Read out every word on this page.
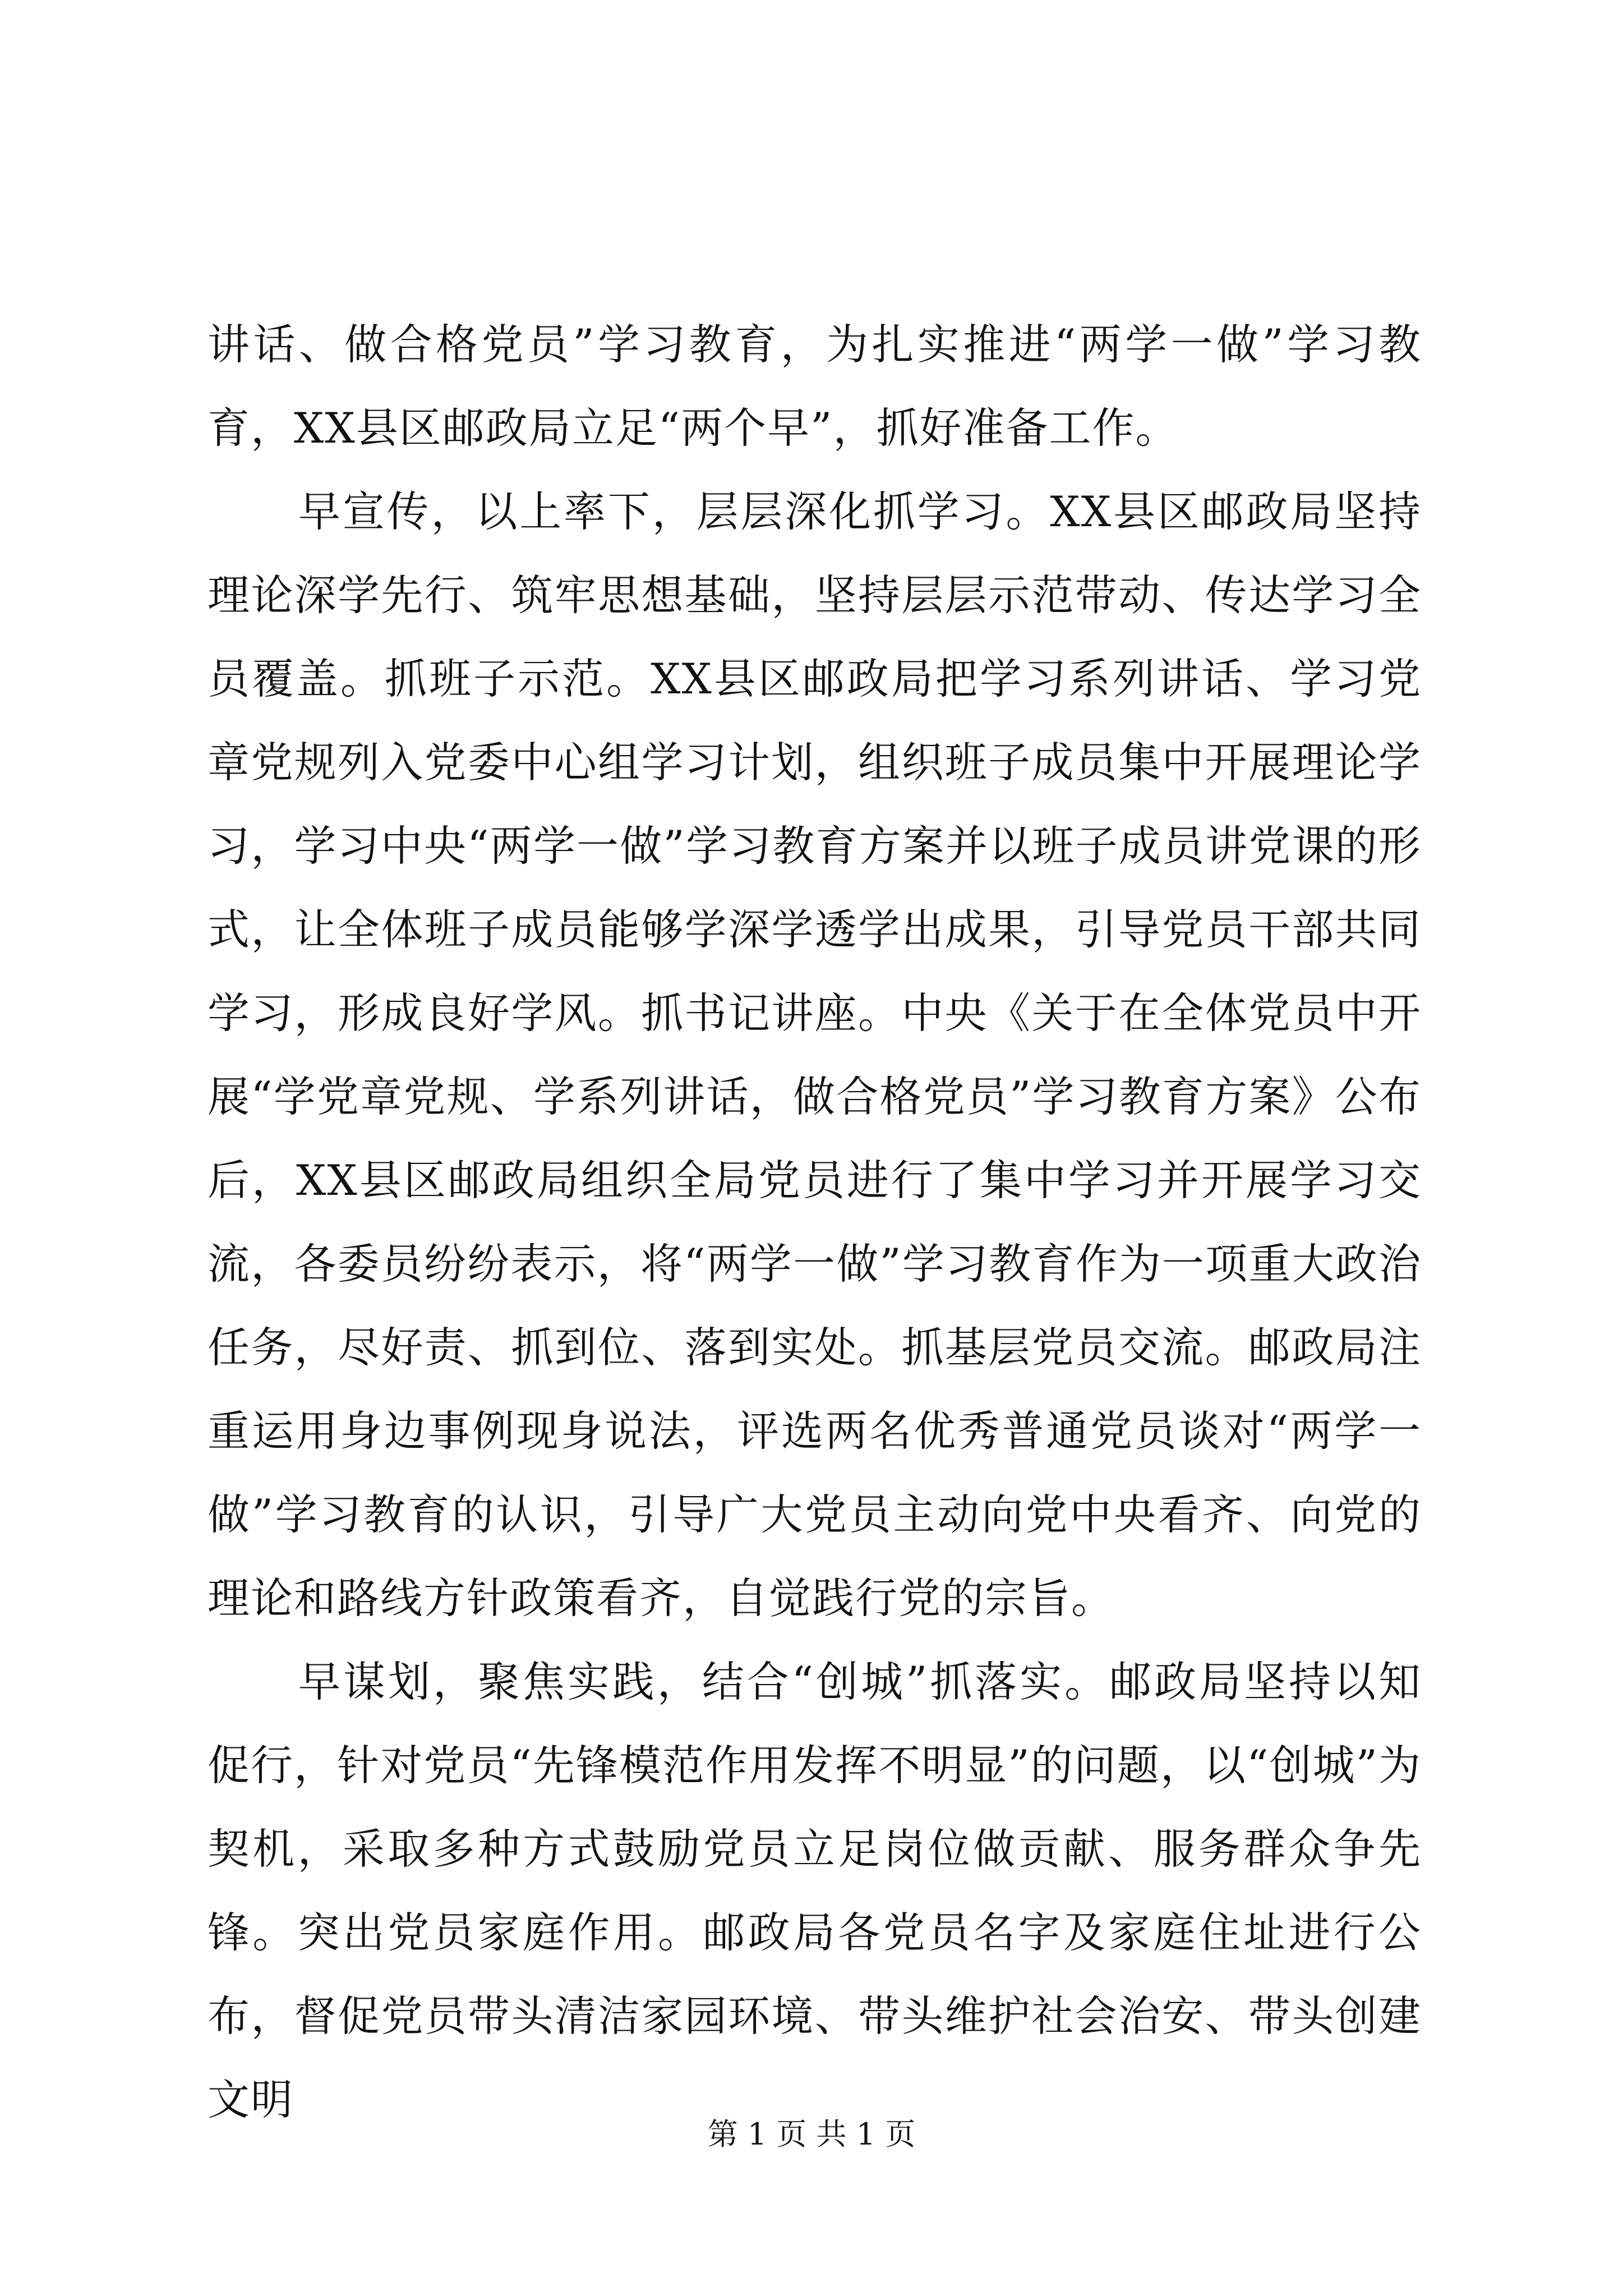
讲话、做合格党员”学习教育，为扎实推进“两学一做”学习教育，XX县区邮政局立足“两个早”，抓好准备工作。

早宣传，以上率下，层层深化抓学习。XX县区邮政局坚持理论深学先行、筑牢思想基础，坚持层层示范带动、传达学习全员覆盖。抓班子示范。XX县区邮政局把学习系列讲话、学习党章党规列入党委中心组学习计划，组织班子成员集中开展理论学习，学习中央“两学一做”学习教育方案并以班子成员讲党课的形式，让全体班子成员能够学深学透学出成果，引导党员干部共同学习，形成良好学风。抓书记讲座。中央《关于在全体党员中开展“学党章党规、学系列讲话，做合格党员”学习教育方案》公布后，XX县区邮政局组织全局党员进行了集中学习并开展学习交流，各委员纷纷表示，将“两学一做”学习教育作为一项重大政治任务，尽好责、抓到位、落到实处。抓基层党员交流。邮政局注重运用身边事例现身说法，评选两名优秀普通党员谈对“两学一做”学习教育的认识，引导广大党员主动向党中央看齐、向党的理论和路线方针政策看齐，自觉践行党的宗旨。

早谋划，聚焦实践，结合“创城”抓落实。邮政局坚持以知促行，针对党员“先锋模范作用发挥不明显”的问题，以“创城”为契机，采取多种方式鼓励党员立足岗位做贡献、服务群众争先锋。突出党员家庭作用。邮政局各党员名字及家庭住址进行公布，督促党员带头清洁家园环境、带头维护社会治安、带头创建文明

第 1 页 共 1 页
